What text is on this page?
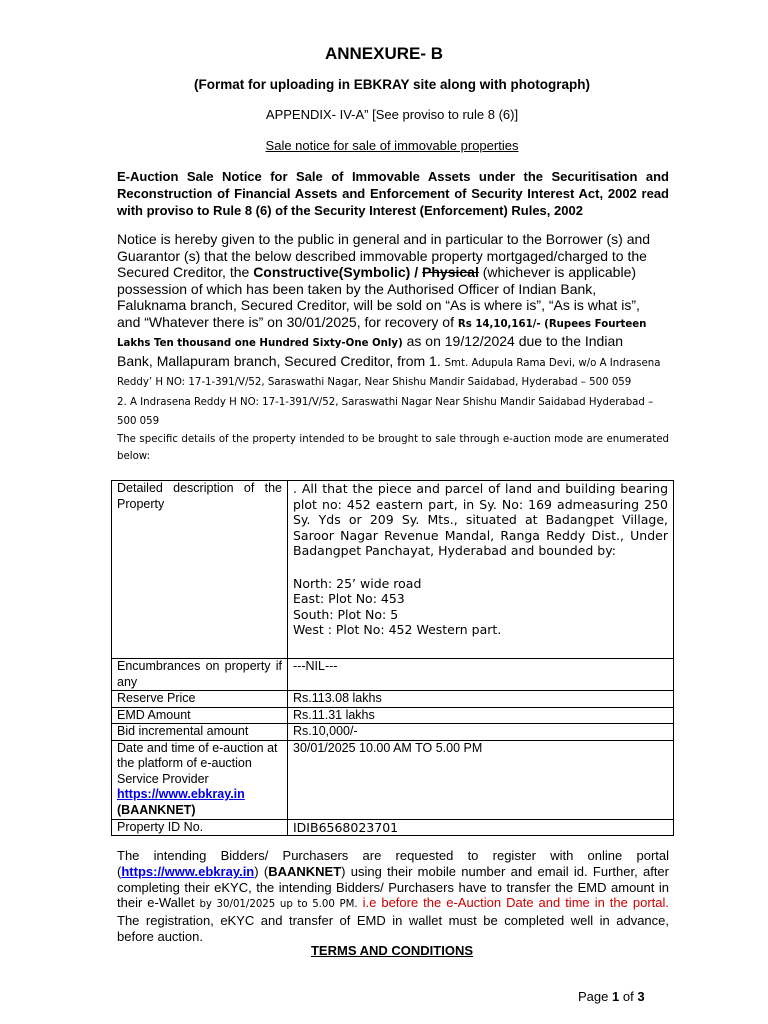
ANNEXURE- B
(Format for uploading in EBKRAY site along with photograph)
APPENDIX- IV-A” [See proviso to rule 8 (6)]
Sale notice for sale of immovable properties
E-Auction Sale Notice for Sale of Immovable Assets under the Securitisation and Reconstruction of Financial Assets and Enforcement of Security Interest Act, 2002 read with proviso to Rule 8 (6) of the Security Interest (Enforcement) Rules, 2002
Notice is hereby given to the public in general and in particular to the Borrower (s) and Guarantor (s) that the below described immovable property mortgaged/charged to the Secured Creditor, the Constructive(Symbolic) / Physical (whichever is applicable) possession of which has been taken by the Authorised Officer of Indian Bank, Faluknama branch, Secured Creditor, will be sold on “As is where is”, “As is what is”, and “Whatever there is” on 30/01/2025, for recovery of Rs 14,10,161/- (Rupees Fourteen Lakhs Ten thousand one Hundred Sixty-One Only) as on 19/12/2024 due to the Indian Bank, Mallapuram branch, Secured Creditor, from 1. Smt. Adupula Rama Devi, w/o A Indrasena Reddy’ H NO: 17-1-391/V/52, Saraswathi Nagar, Near Shishu Mandir Saidabad, Hyderabad – 500 059
2. A Indrasena Reddy H NO: 17-1-391/V/52, Saraswathi Nagar Near Shishu Mandir Saidabad Hyderabad – 500 059
The specific details of the property intended to be brought to sale through e-auction mode are enumerated below:
Detailed description of the Property	. All that the piece and parcel of land and building bearing plot no: 452 eastern part, in Sy. No: 169 admeasuring 250 Sy. Yds or 209 Sy. Mts., situated at Badangpet Village, Saroor Nagar Revenue Mandal, Ranga Reddy Dist., Under Badangpet Panchayat, Hyderabad and bounded by:
North: 25’ wide road
East: Plot No: 453
South: Plot No: 5
West : Plot No: 452 Western part.

Encumbrances on property if any	---NIL---
Reserve Price	Rs.113.08 lakhs
EMD Amount	Rs.11.31 lakhs
Bid incremental amount	Rs.10,000/-
Date and time of e-auction at the platform of e-auction Service Provider
https://www.ebkray.in
(BAANKNET)	30/01/2025 10.00 AM TO 5.00 PM
Property ID No.	IDIB6568023701
The intending Bidders/ Purchasers are requested to register with online portal (https://www.ebkray.in) (BAANKNET) using their mobile number and email id. Further, after completing their eKYC, the intending Bidders/ Purchasers have to transfer the EMD amount in their e-Wallet by 30/01/2025 up to 5.00 PM. i.e before the e-Auction Date and time in the portal. The registration, eKYC and transfer of EMD in wallet must be completed well in advance, before auction.
TERMS AND CONDITIONS
Page 1 of 3
